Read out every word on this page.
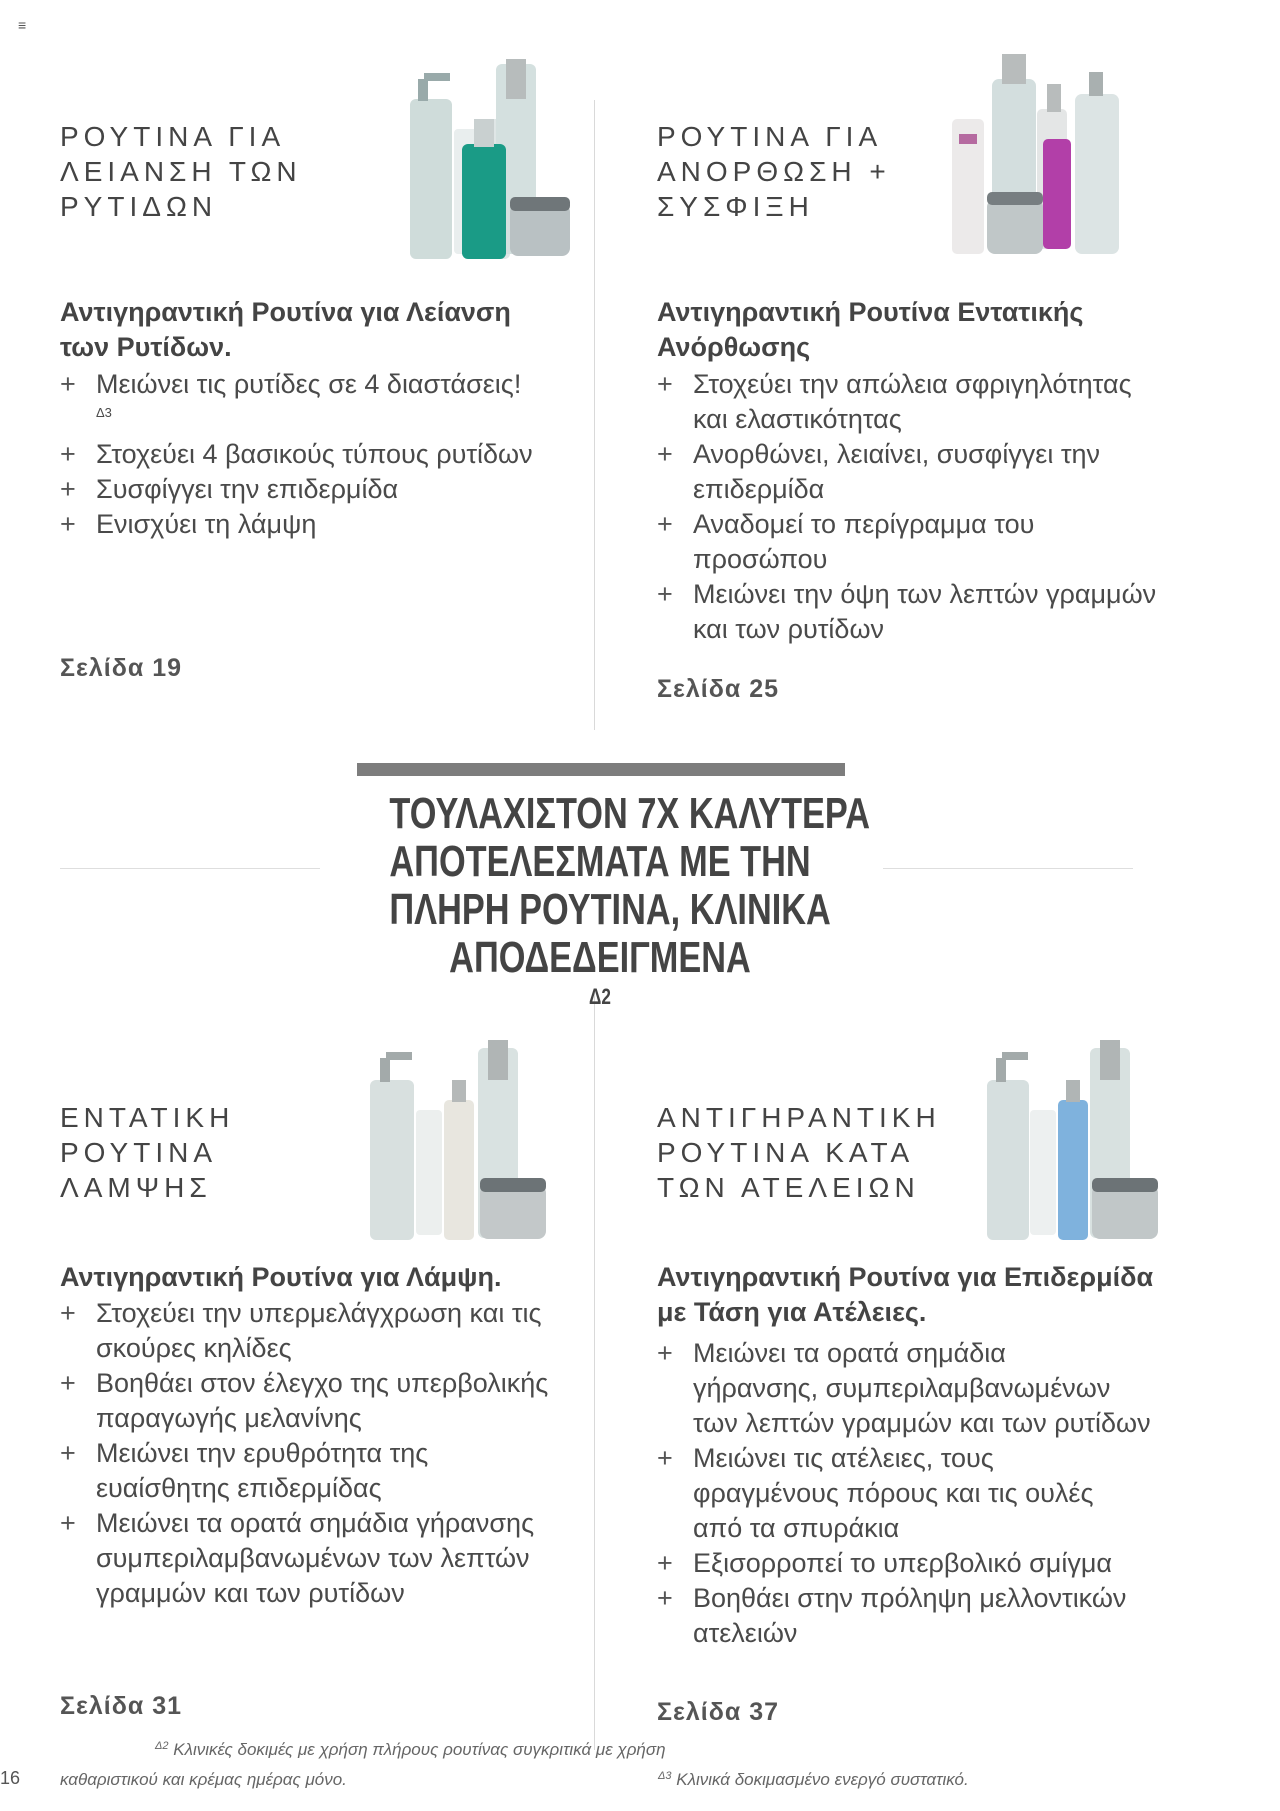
≡
ΡΟΥΤΙΝΑ ΓΙΑ
ΛΕΙΑΝΣΗ ΤΩΝ
ΡΥΤΙΔΩΝ
Αντιγηραντική Ρουτίνα για Λείανση
των Ρυτίδων.
+ Μειώνει τις ρυτίδες σε 4 διαστάσεις!
$^{\Delta 3}$
+ Στοχεύει 4 βασικούς τύπους ρυτίδων
+ Συσφίγγει την επιδερμίδα
+ Ενισχύει τη λάμψη
Σελίδα 19
ΡΟΥΤΙΝΑ ΓΙΑ
ΑΝΟΡΘΩΣΗ +
ΣΥΣΦΙΞΗ
Αντιγηραντική Ρουτίνα Εντατικής
Ανόρθωσης
+ Στοχεύει την απώλεια σφριγηλότητας
και ελαστικότητας
+ Ανορθώνει, λειαίνει, συσφίγγει την
επιδερμίδα
+ Αναδομεί το περίγραμμα του
προσώπου
+ Μειώνει την όψη των λεπτών γραμμών
και των ρυτίδων
Σελίδα 25
ΤΟΥΛΑΧΙΣΤΟΝ 7Χ ΚΑΛΥΤΕΡΑ
ΑΠΟΤΕΛΕΣΜΑΤΑ ΜΕ ΤΗΝ
ΠΛΗΡΗ ΡΟΥΤΙΝΑ, ΚΛΙΝΙΚΑ
ΑΠΟΔΕΔΕΙΓΜΕΝΑ
$^{\Delta 2}$
ΕΝΤΑΤΙΚΗ
ΡΟΥΤΙΝΑ
ΛΑΜΨΗΣ
Αντιγηραντική Ρουτίνα για Λάμψη.
+ Στοχεύει την υπερμελάγχρωση και τις
σκούρες κηλίδες
+ Βοηθάει στον έλεγχο της υπερβολικής
παραγωγής μελανίνης
+ Μειώνει την ερυθρότητα της
ευαίσθητης επιδερμίδας
+ Μειώνει τα ορατά σημάδια γήρανσης
συμπεριλαμβανωμένων των λεπτών
γραμμών και των ρυτίδων
Σελίδα 31
ΑΝΤΙΓΗΡΑΝΤΙΚΗ
ΡΟΥΤΙΝΑ ΚΑΤΑ
ΤΩΝ ΑΤΕΛΕΙΩΝ
Αντιγηραντική Ρουτίνα για Επιδερμίδα
με Τάση για Ατέλειες.
+ Μειώνει τα ορατά σημάδια
γήρανσης, συμπεριλαμβανωμένων
των λεπτών γραμμών και των ρυτίδων
+ Μειώνει τις ατέλειες, τους
φραγμένους πόρους και τις ουλές
από τα σπυράκια
+ Εξισορροπεί το υπερβολικό σμίγμα
+ Βοηθάει στην πρόληψη μελλοντικών
ατελειών
Σελίδα 37
$^{\Delta 2}$ Κλινικές δοκιμές με χρήση πλήρους ρουτίνας συγκριτικά με χρήση
καθαριστικού και κρέμας ημέρας μόνο.	$^{\Delta 3}$ Κλινικά δοκιμασμένο ενεργό συστατικό.
16
